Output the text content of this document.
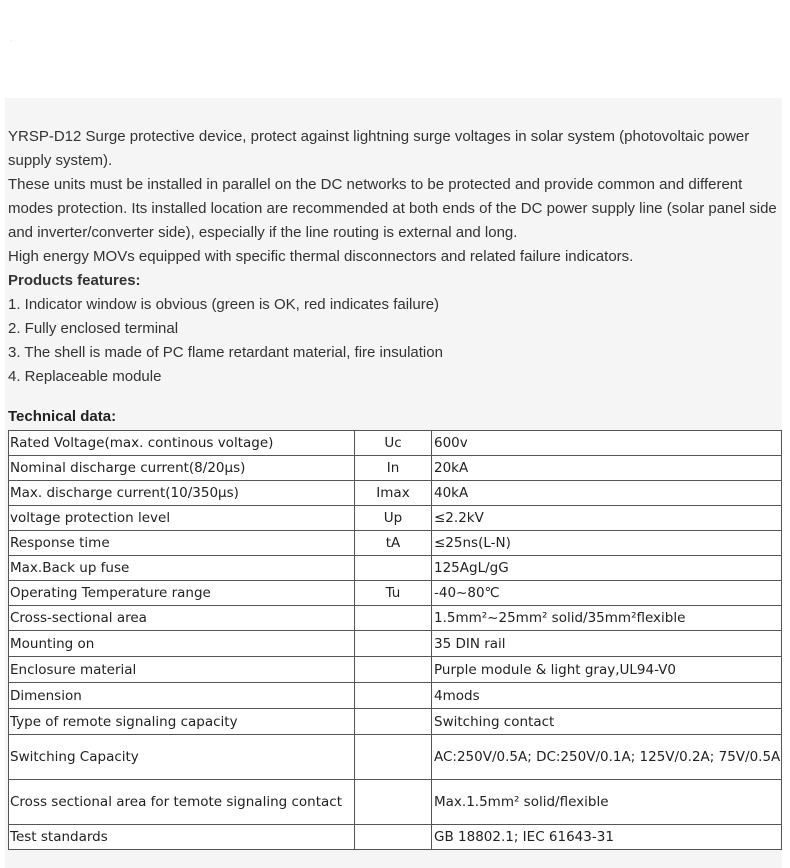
·

YRSP-D12 Surge protective device, protect against lightning surge voltages in solar system (photovoltaic power supply system).

These units must be installed in parallel on the DC networks to be protected and provide common and different modes protection. Its installed location are recommended at both ends of the DC power supply line (solar panel side and inverter/converter side), especially if the line routing is external and long.

High energy MOVs equipped with specific thermal disconnectors and related failure indicators.

Products features:

1. Indicator window is obvious (green is OK, red indicates failure)

2. Fully enclosed terminal

3. The shell is made of PC flame retardant material, fire insulation

4. Replaceable module

Technical data:
Rated Voltage(max. continous voltage)	Uc	600v
Nominal discharge current(8/20μs)	In	20kA
Max. discharge current(10/350μs)	Imax	40kA
voltage protection level	Up	≤2.2kV
Response time	tA	≤25ns(L-N)
Max.Back up fuse		125AgL/gG
Operating Temperature range	Tu	-40~80℃
Cross-sectional area		1.5mm²~25mm² solid/35mm²flexible
Mounting on		35 DIN rail
Enclosure material		Purple module & light gray,UL94-V0
Dimension		4mods
Type of remote signaling capacity		Switching contact
Switching Capacity		AC:250V/0.5A; DC:250V/0.1A; 125V/0.2A; 75V/0.5A
Cross sectional area for temote signaling contact		Max.1.5mm² solid/flexible
Test standards		GB 18802.1; IEC 61643-31
